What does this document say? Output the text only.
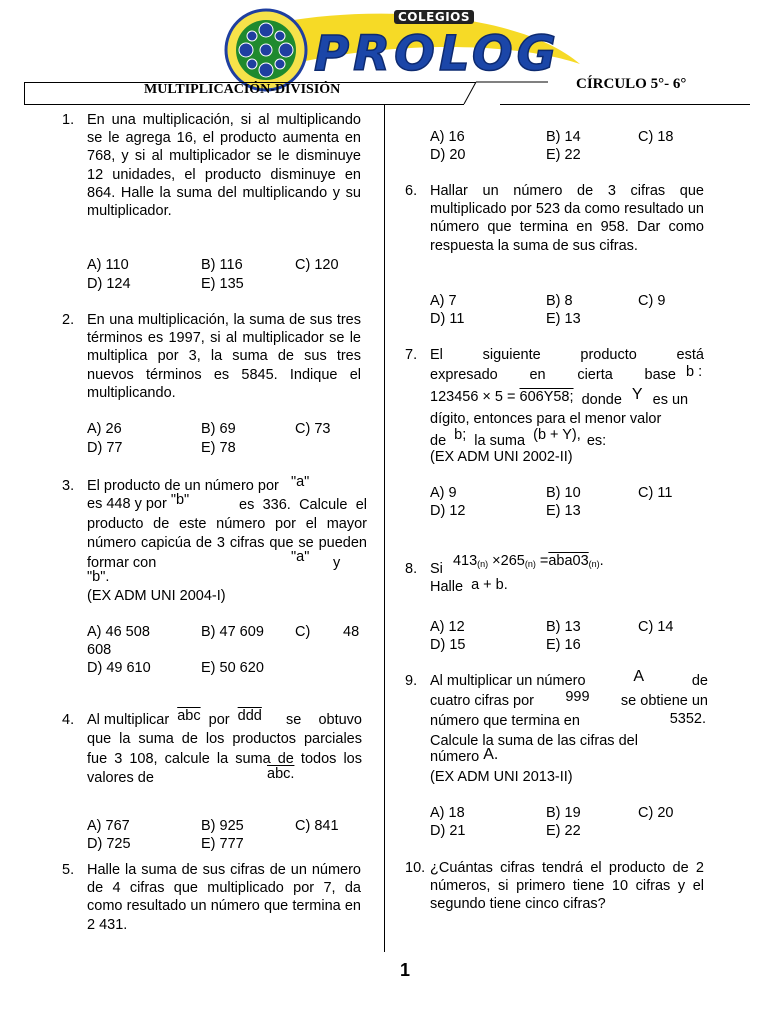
COLEGIOS
PROLOG
MULTIPLICACIÓN-DIVISIÓN	CÍRCULO 5°- 6°
1. En una multiplicación, si al multiplicando se le agrega 16, el producto aumenta en 768, y si al multiplicador se le disminuye 12 unidades, el producto disminuye en 864. Halle la suma del multiplicando y su multiplicador.
A) 110	B) 116	C) 120
D) 124	E) 135
2. En una multiplicación, la suma de sus tres términos es 1997, si al multiplicador se le multiplica por 3, la suma de sus tres nuevos términos es 5845. Indique el multiplicando.
A) 26	B) 69	C) 73
D) 77	E) 78
3. El producto de un número por "a"
es 448 y por "b"	es 336. Calcule el producto de este número por el mayor número capicúa de 3 cifras que se pueden formar con	"a" y
"b".
(EX ADM UNI 2004-I)
A) 46 508	B) 47 609 C) 48
608
D) 49 610	E) 50 620
4. Al multiplicar $\overline{abc}$ por $\overline{ddd}$	se obtuvo que la suma de los productos parciales fue 3 108, calcule la suma de todos los valores de	abc.
A) 767	B) 925	C) 841
D) 725	E) 777
5. Halle la suma de sus cifras de un número de 4 cifras que multiplicado por 7, da como resultado un número que termina en 2 431.
A) 16	B) 14	C) 18
D) 20	E) 22
6. Hallar un número de 3 cifras que multiplicado por 523 da como resultado un número que termina en 958. Dar como respuesta la suma de sus cifras.
A) 7	B) 8	C) 9
D) 11	E) 13
7. El	siguiente	producto	está
expresado en cierta base b :
123456 × 5 = 606Y58; donde Y es un
dígito, entonces para el menor valor
de b; la suma (b + Y), es:
(EX ADM UNI 2002-II)
A) 9	B) 10	C) 11
D) 12	E) 13
8. Si $413_{(n)} \times 265_{(n)} =aba03_{(n)}$.
Halle a + b.
A) 12	B) 13	C) 14
D) 15	E) 16
9. Al multiplicar un número	A	de
cuatro cifras por 999 se obtiene un
número que termina en	5352.
Calcule la suma de las cifras del
número A.
(EX ADM UNI 2013-II)
A) 18	B) 19	C) 20
D) 21	E) 22
10. ¿Cuántas cifras tendrá el producto de 2 números, si primero tiene 10 cifras y el segundo tiene cinco cifras?
1
